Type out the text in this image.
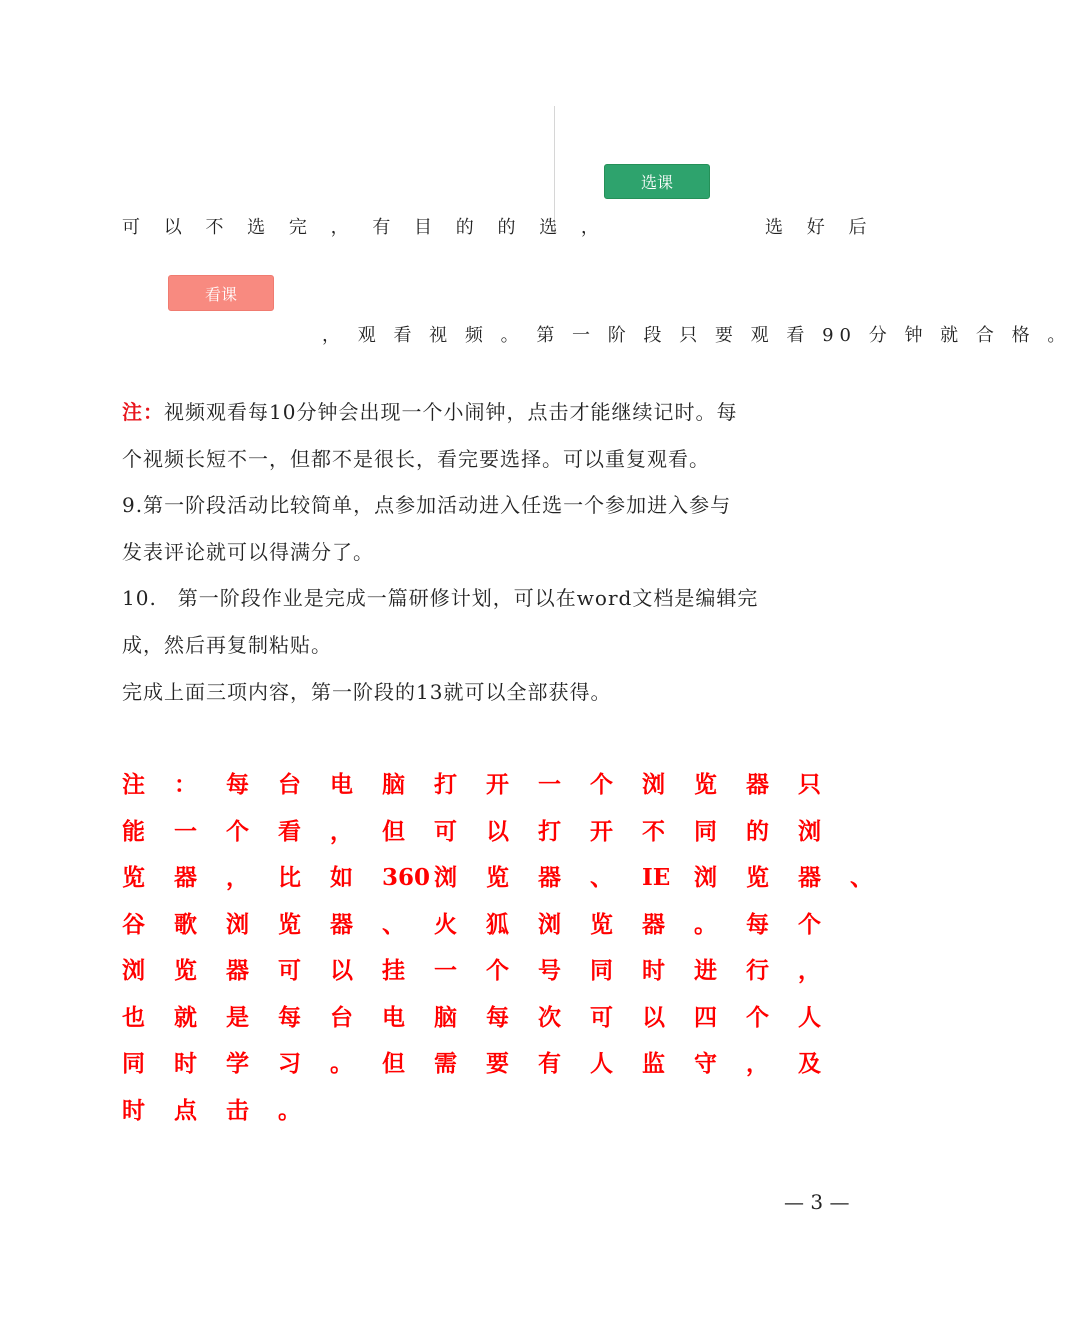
选课
可 以 不 选 完 ， 有 目 的 的 选 ，	选 好 后
看课
， 观 看 视 频 。 第 一 阶 段 只 要 观 看 90 分 钟 就 合 格 。
注：视频观看每10分钟会出现一个小闹钟，点击才能继续记时。每
个视频长短不一，但都不是很长，看完要选择。可以重复观看。
9.第一阶段活动比较简单，点参加活动进入任选一个参加进入参与
发表评论就可以得满分了。
10.　第一阶段作业是完成一篇研修计划，可以在word文档是编辑完
成，然后再复制粘贴。
完成上面三项内容，第一阶段的13就可以全部获得。
注 ： 每 台 电 脑 打 开 一 个 浏 览 器 只
能 一 个 看 ， 但 可 以 打 开 不 同 的 浏
览 器 ， 比 如 360 浏 览 器 、 IE 浏 览 器 、
谷 歌 浏 览 器 、 火 狐 浏 览 器 。 每 个
浏 览 器 可 以 挂 一 个 号 同 时 进 行 ，
也 就 是 每 台 电 脑 每 次 可 以 四 个 人
同 时 学 习 。 但 需 要 有 人 监 守 ， 及
时 点 击 。
— 3 —
